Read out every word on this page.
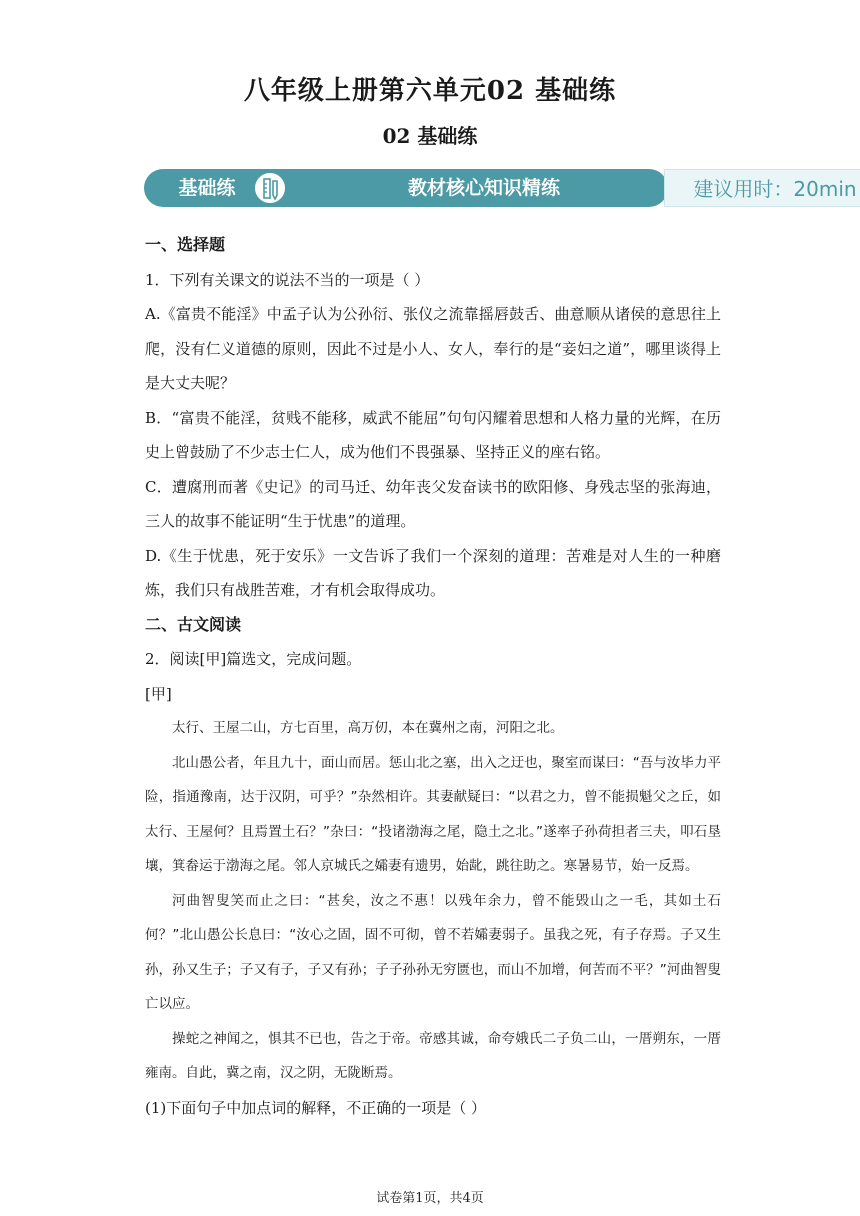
八年级上册第六单元02 基础练
02 基础练
教材核心知识精练	建议用时：20min
基础练

一、选择题

1．下列有关课文的说法不当的一项是（ ）

A.《富贵不能淫》中孟子认为公孙衍、张仪之流靠摇唇鼓舌、曲意顺从诸侯的意思往上爬，没有仁义道德的原则，因此不过是小人、女人，奉行的是“妾妇之道”，哪里谈得上是大丈夫呢？

B．“富贵不能淫，贫贱不能移，威武不能屈”句句闪耀着思想和人格力量的光辉，在历史上曾鼓励了不少志士仁人，成为他们不畏强暴、坚持正义的座右铭。

C．遭腐刑而著《史记》的司马迁、幼年丧父发奋读书的欧阳修、身残志坚的张海迪，三人的故事不能证明“生于忧患”的道理。

D.《生于忧患，死于安乐》一文告诉了我们一个深刻的道理：苦难是对人生的一种磨炼，我们只有战胜苦难，才有机会取得成功。

二、古文阅读

2．阅读[甲]篇选文，完成问题。

[甲]

太行、王屋二山，方七百里，高万仞，本在冀州之南，河阳之北。

北山愚公者，年且九十，面山而居。惩山北之塞，出入之迂也，聚室而谋曰：“吾与汝毕力平险，指通豫南，达于汉阴，可乎？”杂然相许。其妻献疑曰：“以君之力，曾不能损魁父之丘，如太行、王屋何？且焉置土石？”杂曰：“投诸渤海之尾，隐土之北。”遂率子孙荷担者三夫，叩石垦壤，箕畚运于渤海之尾。邻人京城氏之孀妻有遗男，始龀，跳往助之。寒暑易节，始一反焉。

河曲智叟笑而止之曰：“甚矣，汝之不惠！以残年余力，曾不能毁山之一毛，其如土石何？”北山愚公长息曰：“汝心之固，固不可彻，曾不若孀妻弱子。虽我之死，有子存焉。子又生孙，孙又生子；子又有子，子又有孙；子子孙孙无穷匮也，而山不加增，何苦而不平？”河曲智叟亡以应。

操蛇之神闻之，惧其不已也，告之于帝。帝感其诚，命夸娥氏二子负二山，一厝朔东，一厝雍南。自此，冀之南，汉之阴，无陇断焉。

(1)下面句子中加点词的解释，不正确的一项是（ ）

试卷第1页，共4页
